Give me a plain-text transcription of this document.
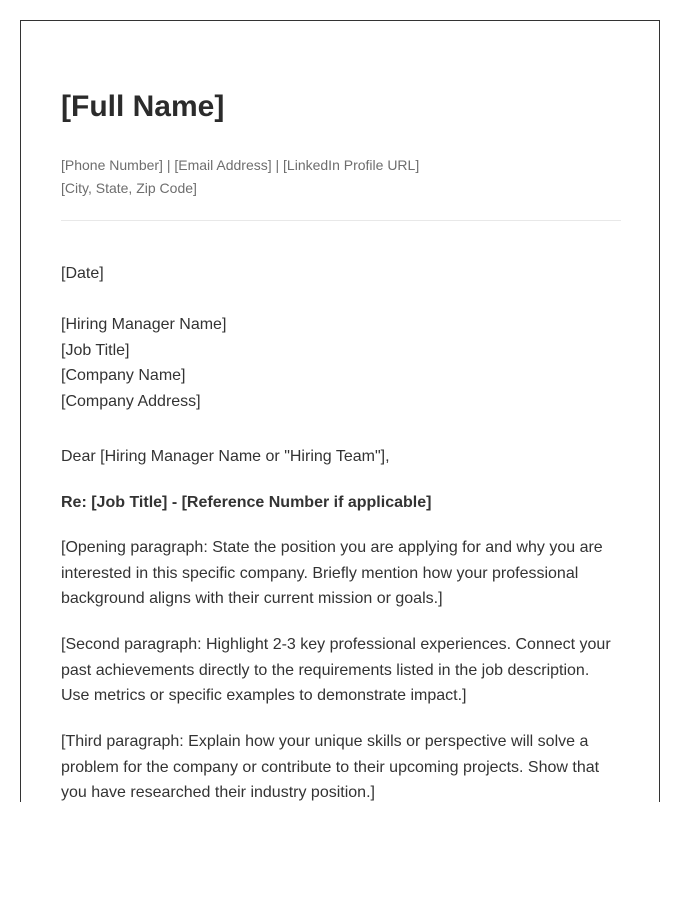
[Full Name]
[Phone Number] | [Email Address] | [LinkedIn Profile URL]
[City, State, Zip Code]
[Date]
[Hiring Manager Name]
[Job Title]
[Company Name]
[Company Address]
Dear [Hiring Manager Name or "Hiring Team"],
Re: [Job Title] - [Reference Number if applicable]

[Opening paragraph: State the position you are applying for and why you are interested in this specific company. Briefly mention how your professional background aligns with their current mission or goals.]

[Second paragraph: Highlight 2-3 key professional experiences. Connect your past achievements directly to the requirements listed in the job description. Use metrics or specific examples to demonstrate impact.]

[Third paragraph: Explain how your unique skills or perspective will solve a problem for the company or contribute to their upcoming projects. Show that you have researched their industry position.]
